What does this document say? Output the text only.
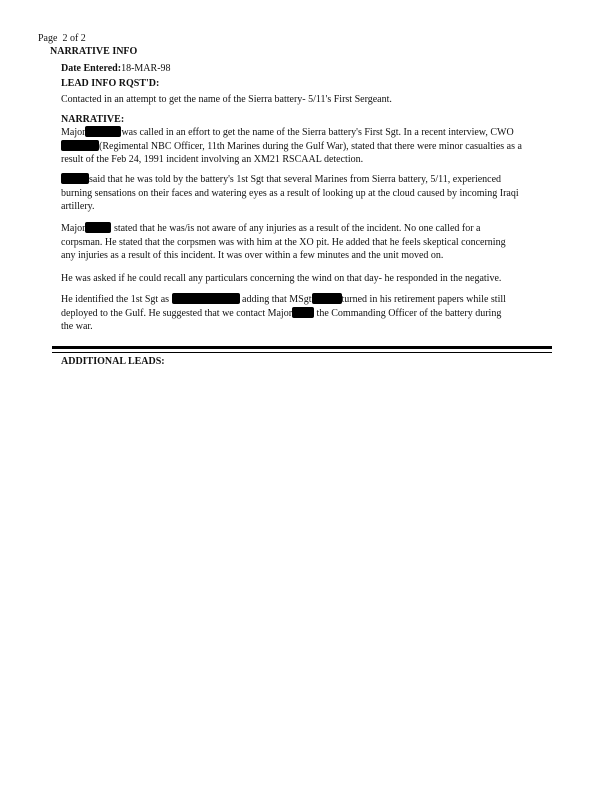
Page 2 of 2
NARRATIVE INFO
Date Entered:18-MAR-98
LEAD INFO RQST'D:
Contacted in an attempt to get the name of the Sierra battery- 5/11's First Sergeant.
NARRATIVE:
Major	was called in an effort to get the name of the Sierra battery's First Sgt. In a recent interview, CWO
(Regimental NBC Officer, 11th Marines during the Gulf War), stated that there were minor casualties as a
result of the Feb 24, 1991 incident involving an XM21 RSCAAL detection.
said that he was told by the battery's 1st Sgt that several Marines from Sierra battery, 5/11, experienced
burning sensations on their faces and watering eyes as a result of looking up at the cloud caused by incoming Iraqi
artillery.
Major	stated that he was/is not aware of any injuries as a result of the incident. No one called for a
corpsman. He stated that the corpsmen was with him at the XO pit. He added that he feels skeptical concerning
any injuries as a result of this incident. It was over within a few minutes and the unit moved on.
He was asked if he could recall any particulars concerning the wind on that day- he responded in the negative.
He identified the 1st Sgt as	adding that MSgt	turned in his retirement papers while still
deployed to the Gulf. He suggested that we contact Major the Commanding Officer of the battery during
the war.
ADDITIONAL LEADS:
